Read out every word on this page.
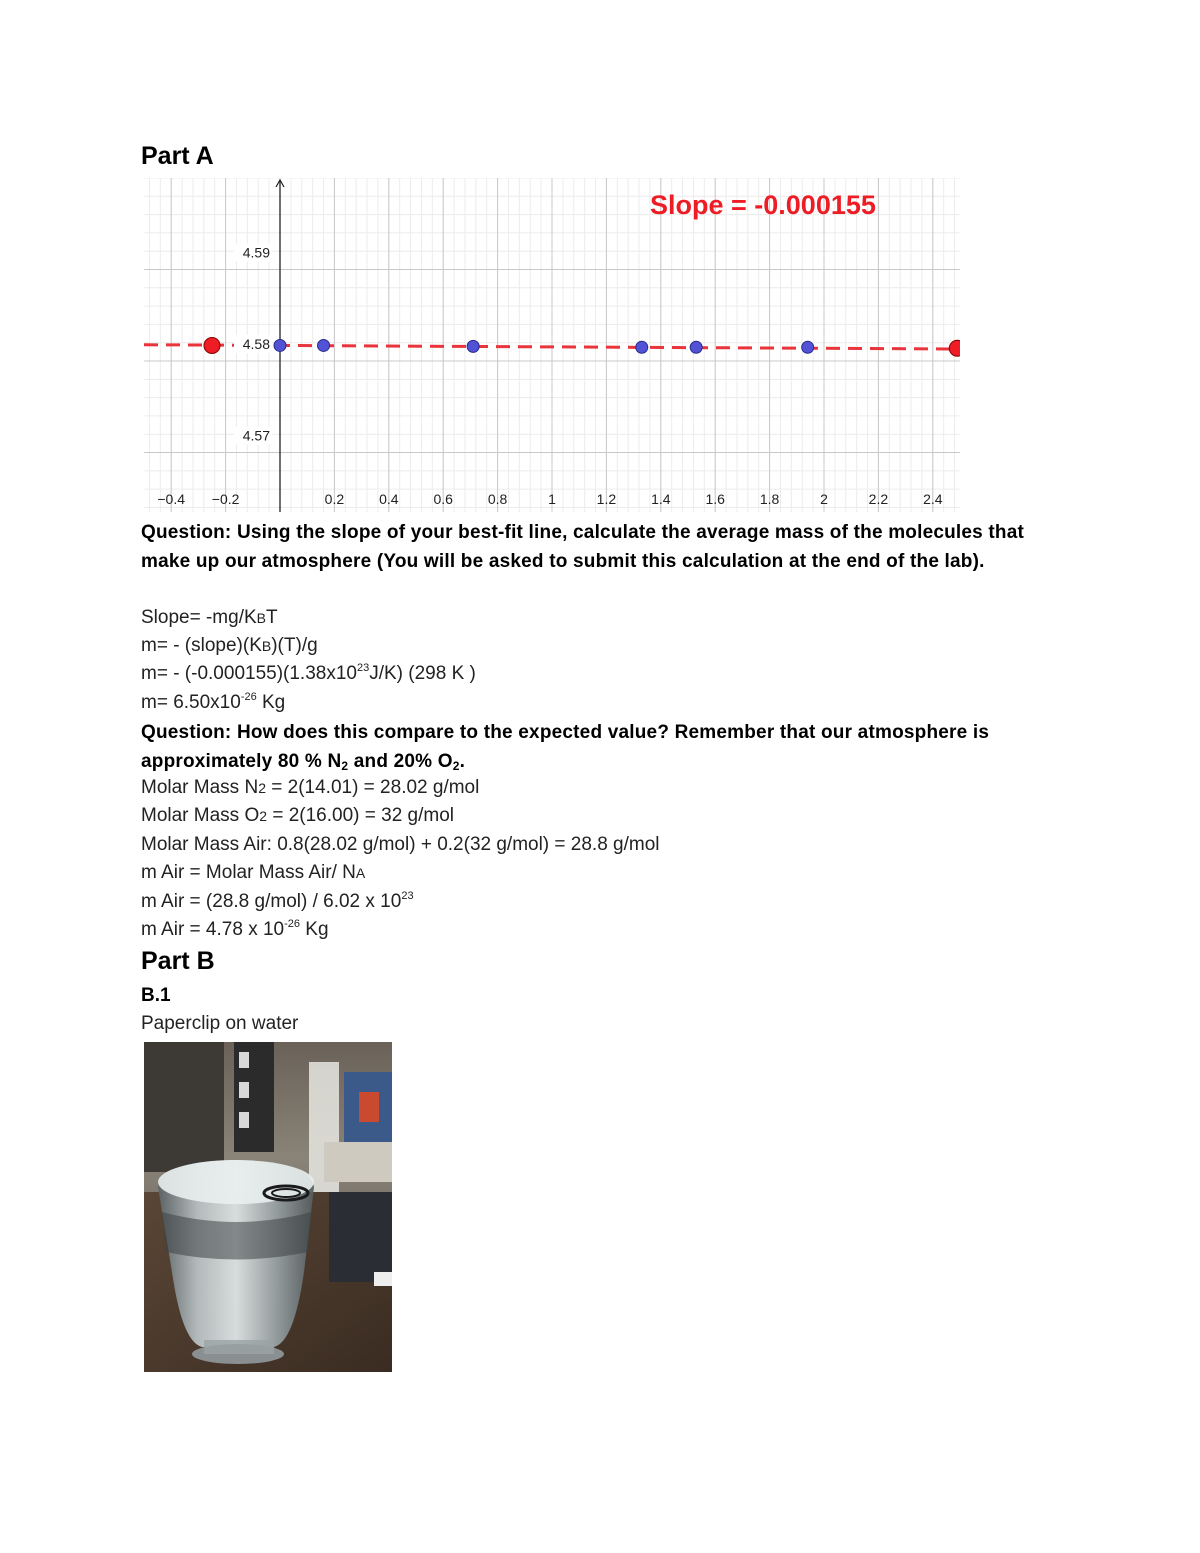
Part A
−0.4 −0.2	0.2 0.4 0.6 0.8	1	1.2 1.4 1.6 1.8	2	2.2 2.4
4.59
4.58
4.57
Slope = -0.000155
Question: Using the slope of your best-fit line, calculate the average mass of the molecules that make up our atmosphere (You will be asked to submit this calculation at the end of the lab).
Slope= -mg/KBT
m= - (slope)(KB)(T)/g
$m= - (-0.000155)(1.38x10^{23}J/K)$ (298 K )
$m= 6.50x10^{-26}$ Kg
Question: How does this compare to the expected value? Remember that our atmosphere is approximately 80 % $N_2$ and 20% $O_2$.
Molar Mass N2 = 2(14.01) = 28.02 g/mol
Molar Mass O2 = 2(16.00) = 32 g/mol
Molar Mass Air: 0.8(28.02 g/mol) + 0.2(32 g/mol) = 28.8 g/mol
m Air = Molar Mass Air/ NA
m Air = (28.8 g/mol) / 6.02 x $10^{23}$
m Air = 4.78 x $10^{-26}$ Kg
Part B
B.1
Paperclip on water
